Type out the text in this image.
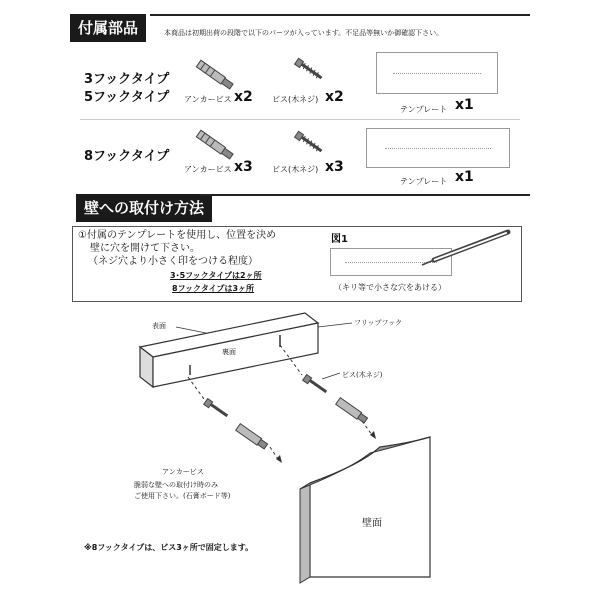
付属部品	本商品は初期出荷の段階で以下のパーツが入っています。不足品等無いか御確認下さい。
3フックタイプ
5フックタイプ アンカービス x2 ビス(木ネジ) x2
テンプレート x1
8フックタイプ
アンカービス x3 ビス(木ネジ) x3
テンプレート x1
壁への取付け方法
①付属のテンプレートを使用し、位置を決め
壁に穴を開けて下さい。
（ネジ穴より小さく印をつける程度）
3･5フックタイプは2ヶ所
8フックタイプは3ヶ所
図1
（キリ等で小さな穴をあける）
表面
裏面
フリップフック
ビス(木ネジ)
アンカービス
脆弱な壁への取付け時のみ
ご使用下さい。(石膏ボード等)
壁面
※8フックタイプは、ビス3ヶ所で固定します。
